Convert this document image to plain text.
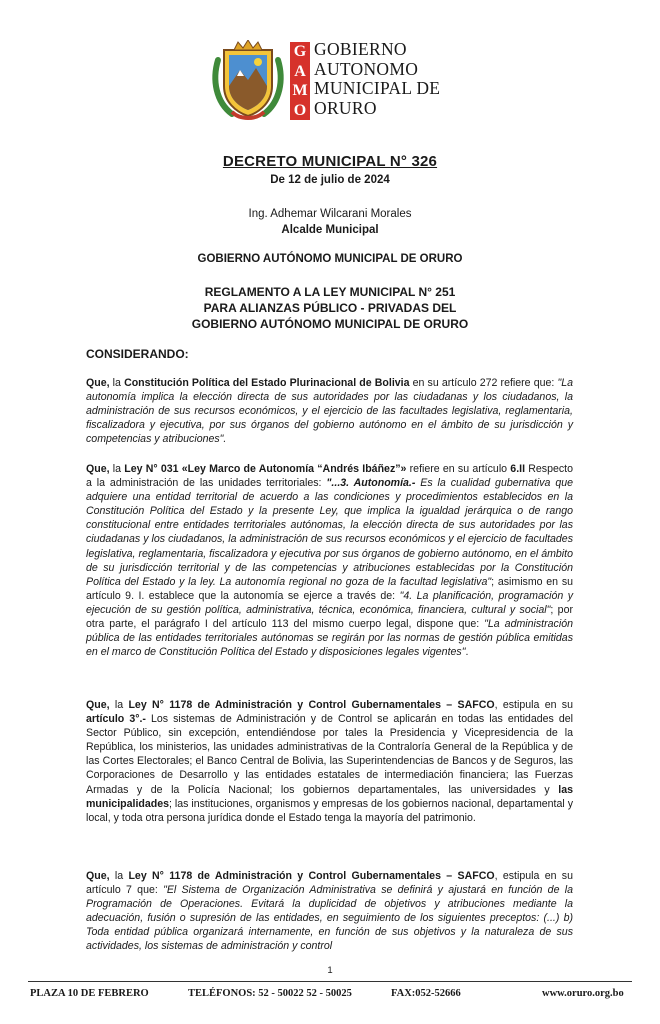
G
A
M
O
GOBIERNO
AUTONOMO
MUNICIPAL DE
ORURO
DECRETO MUNICIPAL N° 326
De 12 de julio de 2024
Ing. Adhemar Wilcarani Morales
Alcalde Municipal
GOBIERNO AUTÓNOMO MUNICIPAL DE ORURO
REGLAMENTO A LA LEY MUNICIPAL N° 251
PARA ALIANZAS PÚBLICO - PRIVADAS DEL
GOBIERNO AUTÓNOMO MUNICIPAL DE ORURO
CONSIDERANDO:
Que, la Constitución Política del Estado Plurinacional de Bolivia en su artículo 272 refiere que: "La autonomía implica la elección directa de sus autoridades por las ciudadanas y los ciudadanos, la administración de sus recursos económicos, y el ejercicio de las facultades legislativa, reglamentaria, fiscalizadora y ejecutiva, por sus órganos del gobierno autónomo en el ámbito de su jurisdicción y competencias y atribuciones".
Que, la Ley N° 031 «Ley Marco de Autonomía “Andrés Ibáñez”» refiere en su artículo 6.II Respecto a la administración de las unidades territoriales: "...3. Autonomía.- Es la cualidad gubernativa que adquiere una entidad territorial de acuerdo a las condiciones y procedimientos establecidos en la Constitución Política del Estado y la presente Ley, que implica la igualdad jerárquica o de rango constitucional entre entidades territoriales autónomas, la elección directa de sus autoridades por las ciudadanas y los ciudadanos, la administración de sus recursos económicos y el ejercicio de facultades legislativa, reglamentaria, fiscalizadora y ejecutiva por sus órganos de gobierno autónomo, en el ámbito de su jurisdicción territorial y de las competencias y atribuciones establecidas por la Constitución Política del Estado y la ley. La autonomía regional no goza de la facultad legislativa"; asimismo en su artículo 9. I. establece que la autonomía se ejerce a través de: "4. La planificación, programación y ejecución de su gestión política, administrativa, técnica, económica, financiera, cultural y social"; por otra parte, el parágrafo I del artículo 113 del mismo cuerpo legal, dispone que: "La administración pública de las entidades territoriales autónomas se regirán por las normas de gestión pública emitidas en el marco de Constitución Política del Estado y disposiciones legales vigentes".
Que, la Ley N° 1178 de Administración y Control Gubernamentales – SAFCO, estipula en su artículo 3°.- Los sistemas de Administración y de Control se aplicarán en todas las entidades del Sector Público, sin excepción, entendiéndose por tales la Presidencia y Vicepresidencia de la República, los ministerios, las unidades administrativas de la Contraloría General de la República y de las Cortes Electorales; el Banco Central de Bolivia, las Superintendencias de Bancos y de Seguros, las Corporaciones de Desarrollo y las entidades estatales de intermediación financiera; las Fuerzas Armadas y de la Policía Nacional; los gobiernos departamentales, las universidades y las municipalidades; las instituciones, organismos y empresas de los gobiernos nacional, departamental y local, y toda otra persona jurídica donde el Estado tenga la mayoría del patrimonio.
Que, la Ley N° 1178 de Administración y Control Gubernamentales – SAFCO, estipula en su artículo 7 que: "El Sistema de Organización Administrativa se definirá y ajustará en función de la Programación de Operaciones. Evitará la duplicidad de objetivos y atribuciones mediante la adecuación, fusión o supresión de las entidades, en seguimiento de los siguientes preceptos: (...) b) Toda entidad pública organizará internamente, en función de sus objetivos y la naturaleza de sus actividades, los sistemas de administración y control
1
PLAZA 10 DE FEBRERO	TELÉFONOS: 52 - 50022 52 - 50025	FAX:052-52666	www.oruro.org.bo
